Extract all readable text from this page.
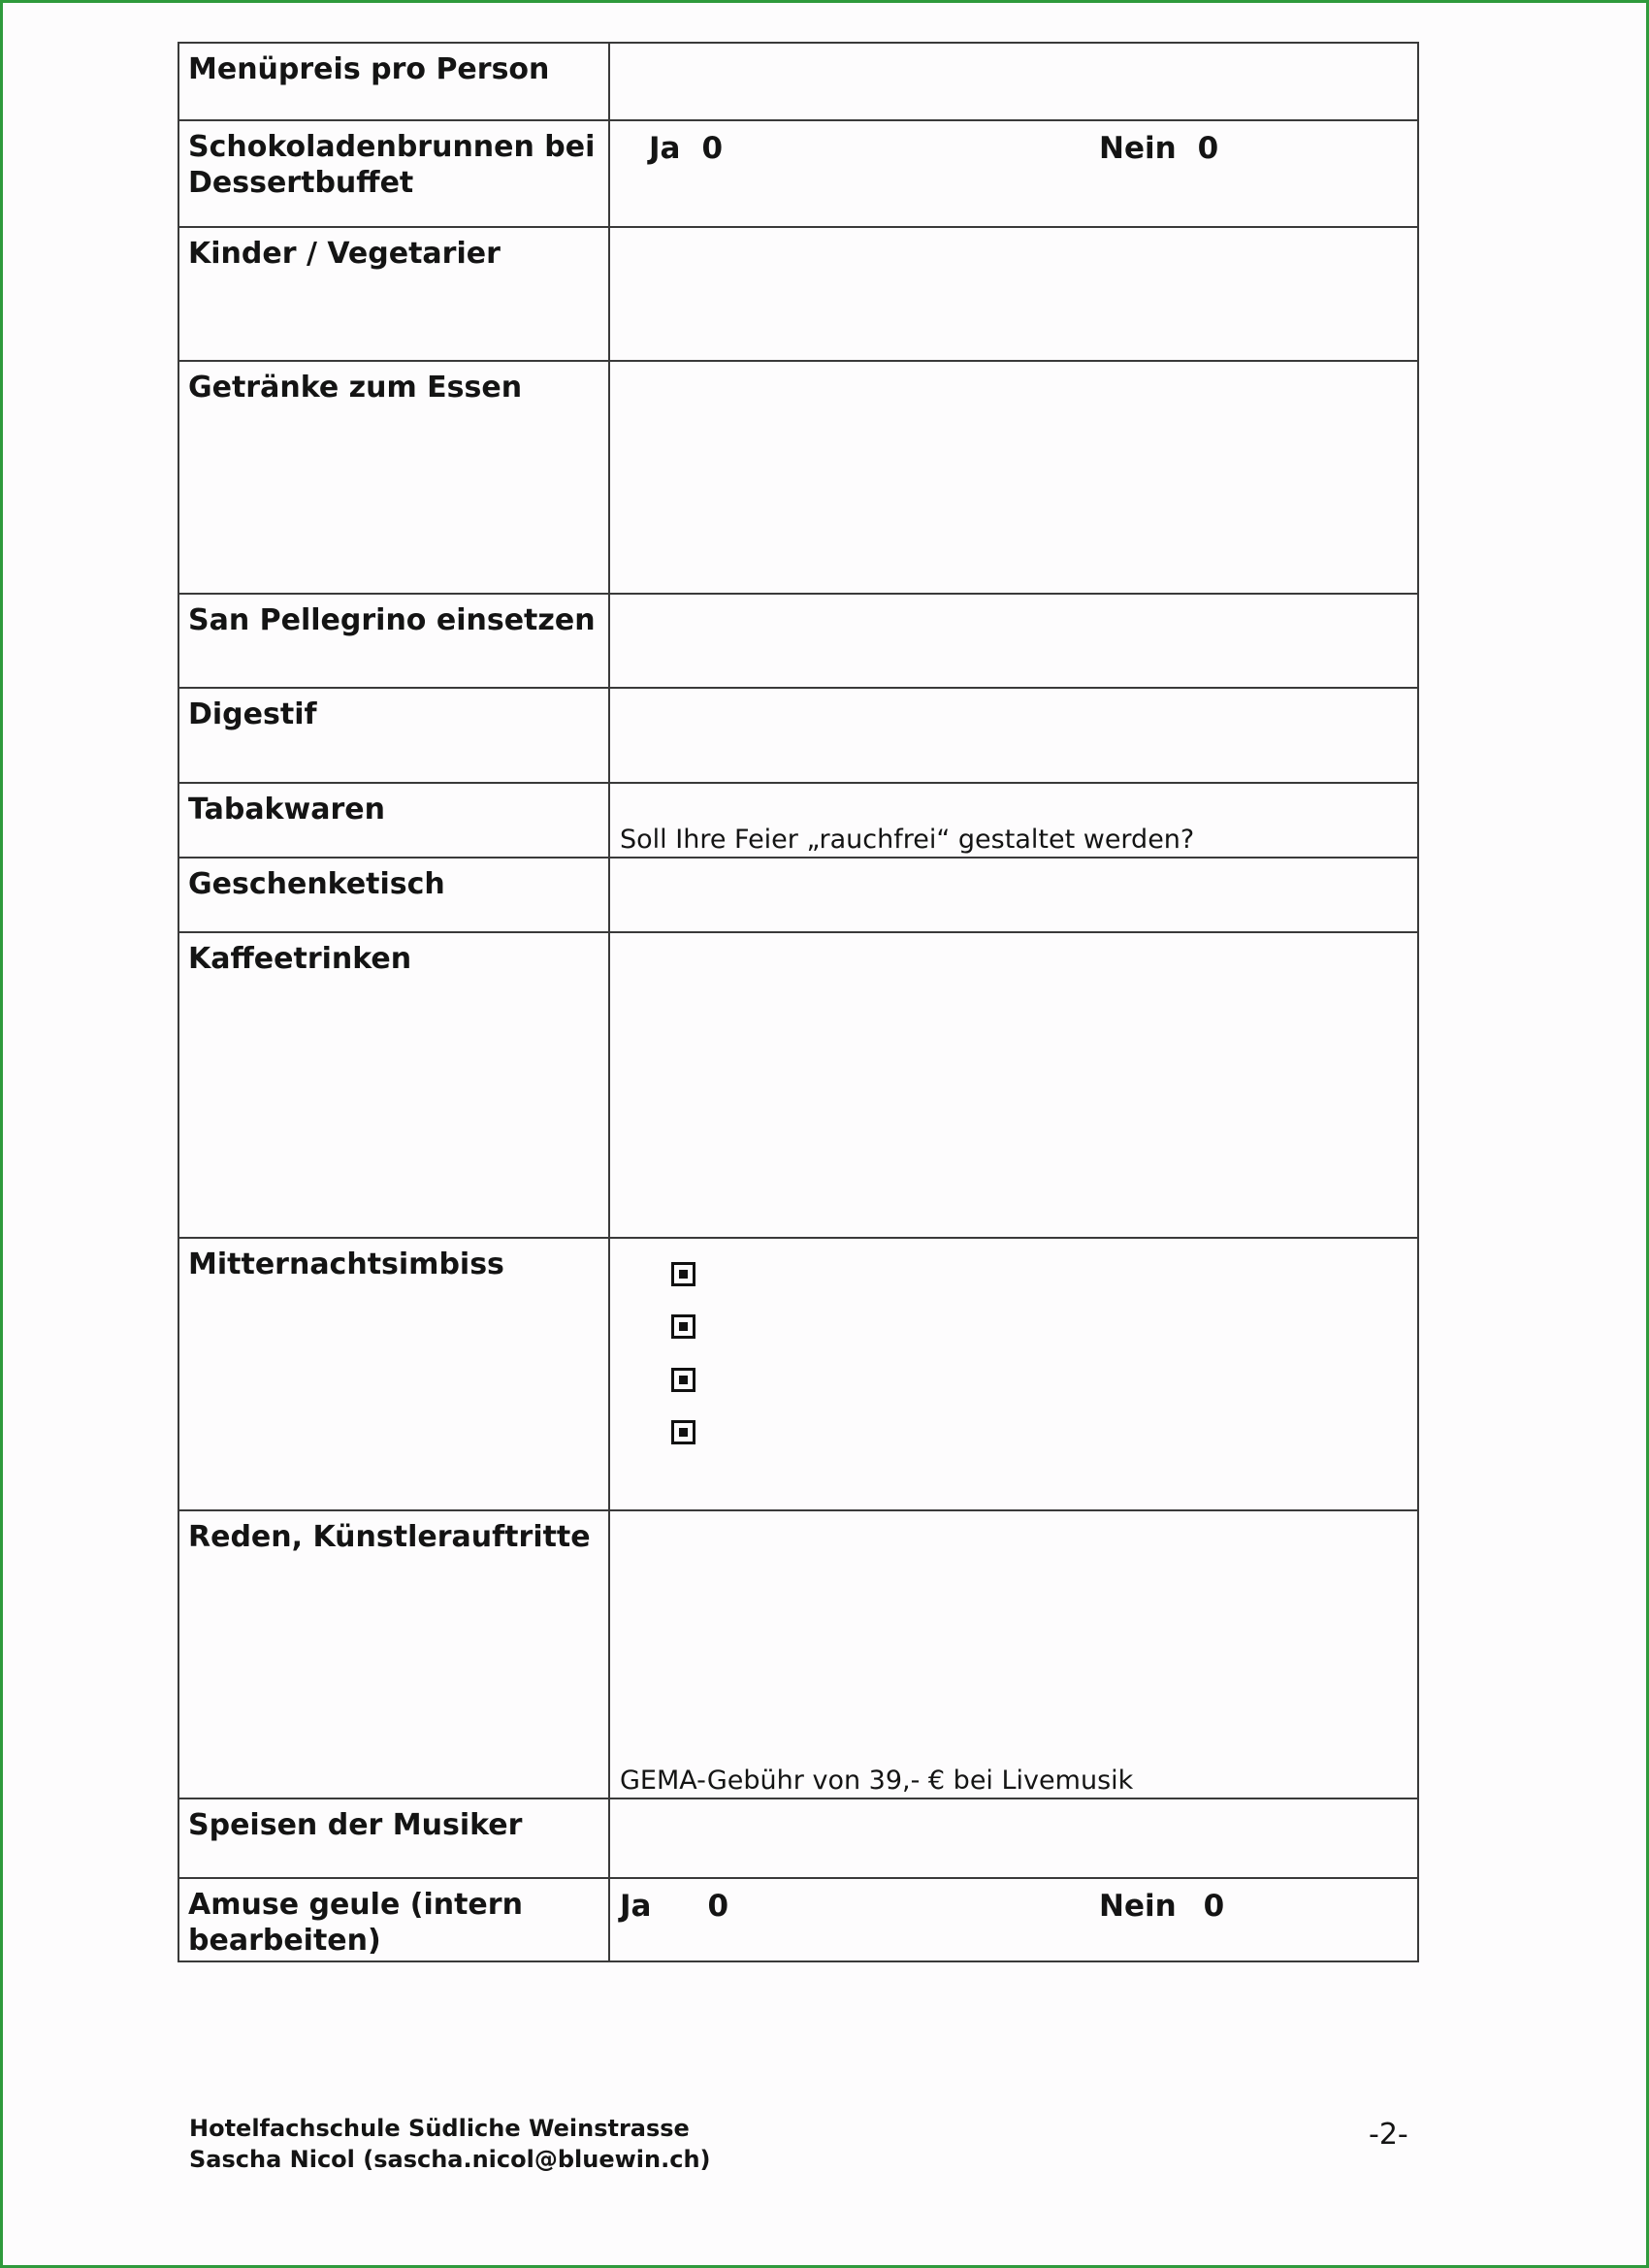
Menüpreis pro Person	

Schokoladenbrunnen bei Dessertbuffet	Ja 0 Nein 0

Kinder / Vegetarier	

Getränke zum Essen	

San Pellegrino einsetzen	

Digestif	

Tabakwaren	Soll Ihre Feier „rauchfrei“ gestaltet werden?

Geschenketisch	

Kaffeetrinken	

Mitternachtsimbiss	

Reden, Künstlerauftritte	GEMA-Gebühr von 39,- € bei Livemusik

Speisen der Musiker	

Amuse geule (intern bearbeiten)	Ja 0 Nein 0
Hotelfachschule Südliche Weinstrasse
Sascha Nicol (sascha.nicol@bluewin.ch)
-2-
